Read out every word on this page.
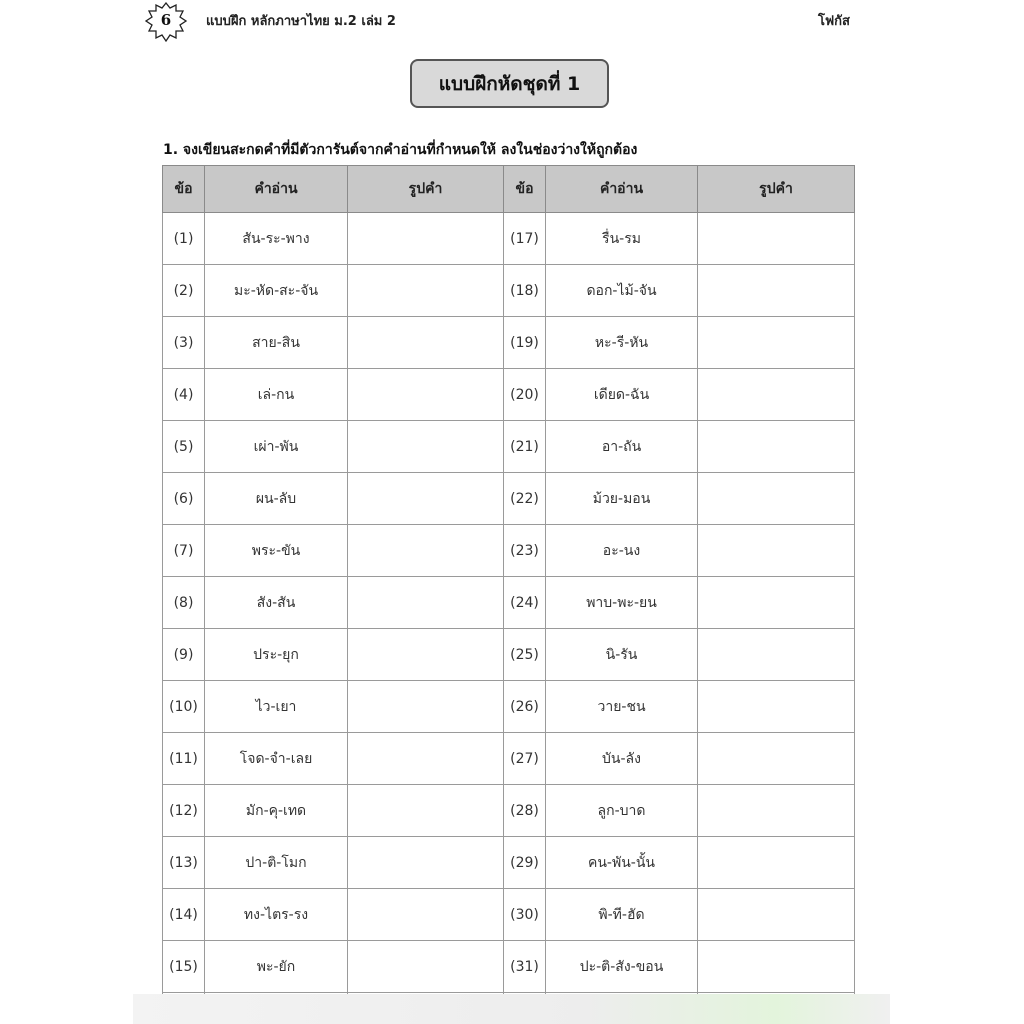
6	แบบฝึก หลักภาษาไทย ม.2 เล่ม 2	โฟกัส
แบบฝึกหัดชุดที่ 1
1. จงเขียนสะกดคำที่มีตัวการันต์จากคำอ่านที่กำหนดให้ ลงในช่องว่างให้ถูกต้อง
ข้อ	คำอ่าน	รูปคำ	ข้อ	คำอ่าน	รูปคำ
(1)	สัน-ระ-พาง		(17)	รื่น-รม	
(2)	มะ-หัด-สะ-จัน		(18)	ดอก-ไม้-จัน	
(3)	สาย-สิน		(19)	หะ-รี-หัน	
(4)	เล่-กน		(20)	เดียด-ฉัน	
(5)	เผ่า-พัน		(21)	อา-ถัน	
(6)	ผน-ลับ		(22)	ม้วย-มอน	
(7)	พระ-ขัน		(23)	อะ-นง	
(8)	สัง-สัน		(24)	พาบ-พะ-ยน	
(9)	ประ-ยุก		(25)	นิ-รัน	
(10)	ไว-เยา		(26)	วาย-ชน	
(11)	โจด-จำ-เลย		(27)	บัน-ลัง	
(12)	มัก-คุ-เทด		(28)	ลูก-บาด	
(13)	ปา-ติ-โมก		(29)	คน-พัน-นั้น	
(14)	ทง-ไตร-รง		(30)	พิ-ที-ฮัด	
(15)	พะ-ยัก		(31)	ปะ-ติ-สัง-ขอน	
